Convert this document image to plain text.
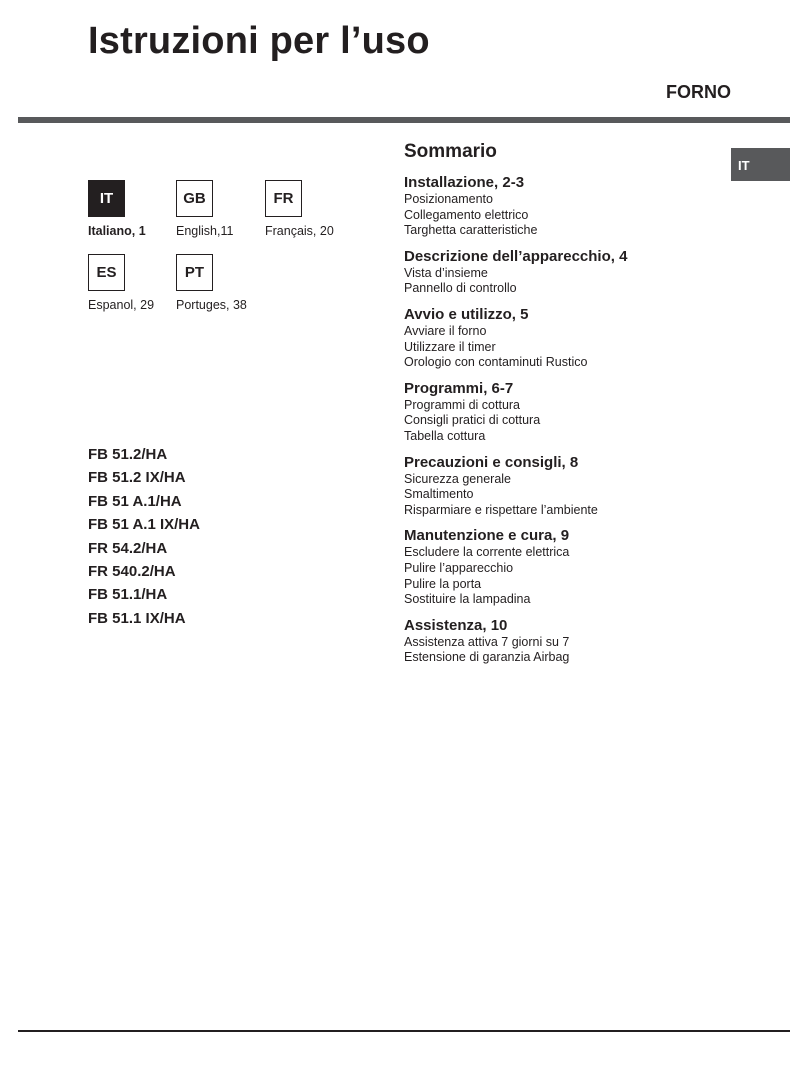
Istruzioni per l’uso
FORNO
IT
IT
Italiano, 1
GB
English,11
FR
Français, 20
ES
Espanol, 29
PT
Portuges, 38
FB 51.2/HA
FB 51.2 IX/HA
FB 51 A.1/HA
FB 51 A.1 IX/HA
FR 54.2/HA
FR 540.2/HA
FB 51.1/HA
FB 51.1 IX/HA
Sommario
Installazione, 2-3
Posizionamento
Collegamento elettrico
Targhetta caratteristiche
Descrizione dell’apparecchio, 4
Vista d’insieme
Pannello di controllo
Avvio e utilizzo, 5
Avviare il forno
Utilizzare il timer
Orologio con contaminuti Rustico
Programmi, 6-7
Programmi di cottura
Consigli pratici di cottura
Tabella cottura
Precauzioni e consigli, 8
Sicurezza generale
Smaltimento
Risparmiare e rispettare l’ambiente
Manutenzione e cura, 9
Escludere la corrente elettrica
Pulire l’apparecchio
Pulire la porta
Sostituire la lampadina
Assistenza, 10
Assistenza attiva 7 giorni su 7
Estensione di garanzia Airbag
